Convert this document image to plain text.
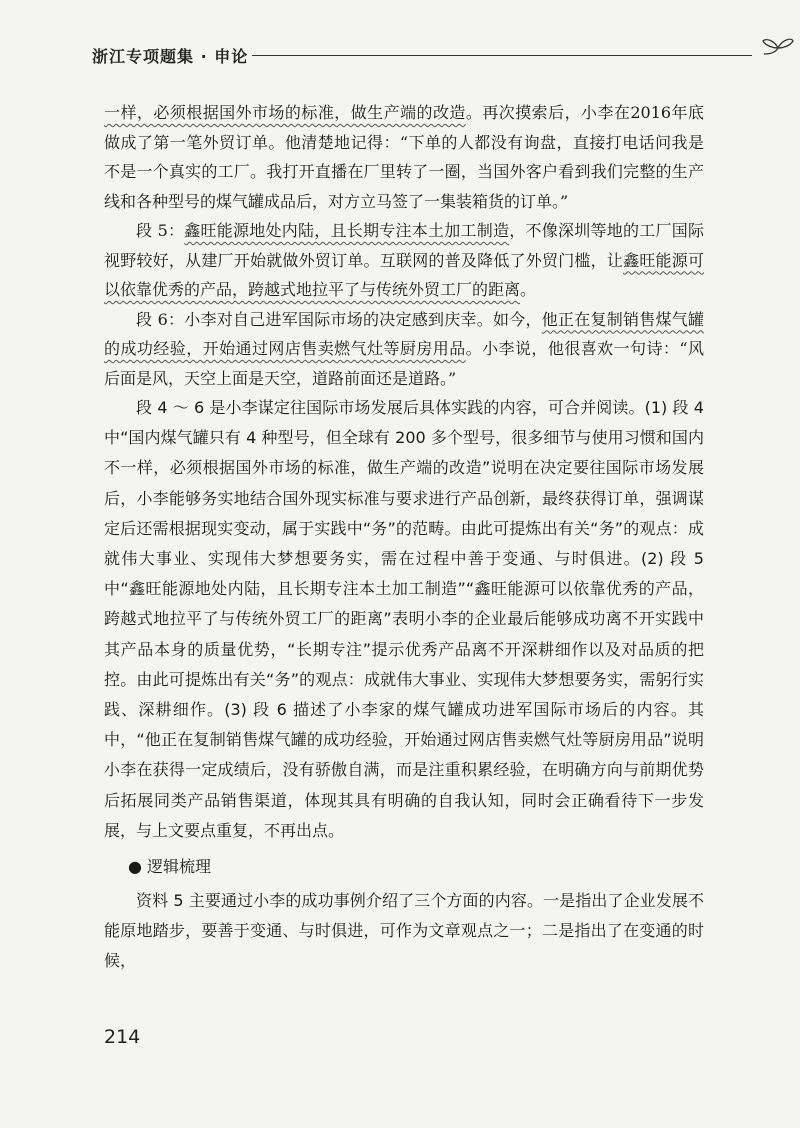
浙江专项题集 · 申论

一样，必须根据国外市场的标准，做生产端的改造。再次摸索后，小李在2016年底做成了第一笔外贸订单。他清楚地记得：“下单的人都没有询盘，直接打电话问我是不是一个真实的工厂。我打开直播在厂里转了一圈，当国外客户看到我们完整的生产线和各种型号的煤气罐成品后，对方立马签了一集装箱货的订单。”

段 5：鑫旺能源地处内陆，且长期专注本土加工制造，不像深圳等地的工厂国际视野较好，从建厂开始就做外贸订单。互联网的普及降低了外贸门槛，让鑫旺能源可以依靠优秀的产品，跨越式地拉平了与传统外贸工厂的距离。

段 6：小李对自己进军国际市场的决定感到庆幸。如今，他正在复制销售煤气罐的成功经验，开始通过网店售卖燃气灶等厨房用品。小李说，他很喜欢一句诗：“风后面是风，天空上面是天空，道路前面还是道路。”

段 4 ～ 6 是小李谋定往国际市场发展后具体实践的内容，可合并阅读。(1) 段 4 中“国内煤气罐只有 4 种型号，但全球有 200 多个型号，很多细节与使用习惯和国内不一样，必须根据国外市场的标准，做生产端的改造”说明在决定要往国际市场发展后，小李能够务实地结合国外现实标准与要求进行产品创新，最终获得订单，强调谋定后还需根据现实变动，属于实践中“务”的范畴。由此可提炼出有关“务”的观点：成就伟大事业、实现伟大梦想要务实，需在过程中善于变通、与时俱进。(2) 段 5 中“鑫旺能源地处内陆，且长期专注本土加工制造”“鑫旺能源可以依靠优秀的产品，跨越式地拉平了与传统外贸工厂的距离”表明小李的企业最后能够成功离不开实践中其产品本身的质量优势，“长期专注”提示优秀产品离不开深耕细作以及对品质的把控。由此可提炼出有关“务”的观点：成就伟大事业、实现伟大梦想要务实，需躬行实践、深耕细作。(3) 段 6 描述了小李家的煤气罐成功进军国际市场后的内容。其中，“他正在复制销售煤气罐的成功经验，开始通过网店售卖燃气灶等厨房用品”说明小李在获得一定成绩后，没有骄傲自满，而是注重积累经验，在明确方向与前期优势后拓展同类产品销售渠道，体现其具有明确的自我认知，同时会正确看待下一步发展，与上文要点重复，不再出点。

● 逻辑梳理

资料 5 主要通过小李的成功事例介绍了三个方面的内容。一是指出了企业发展不能原地踏步，要善于变通、与时俱进，可作为文章观点之一；二是指出了在变通的时候，

214
